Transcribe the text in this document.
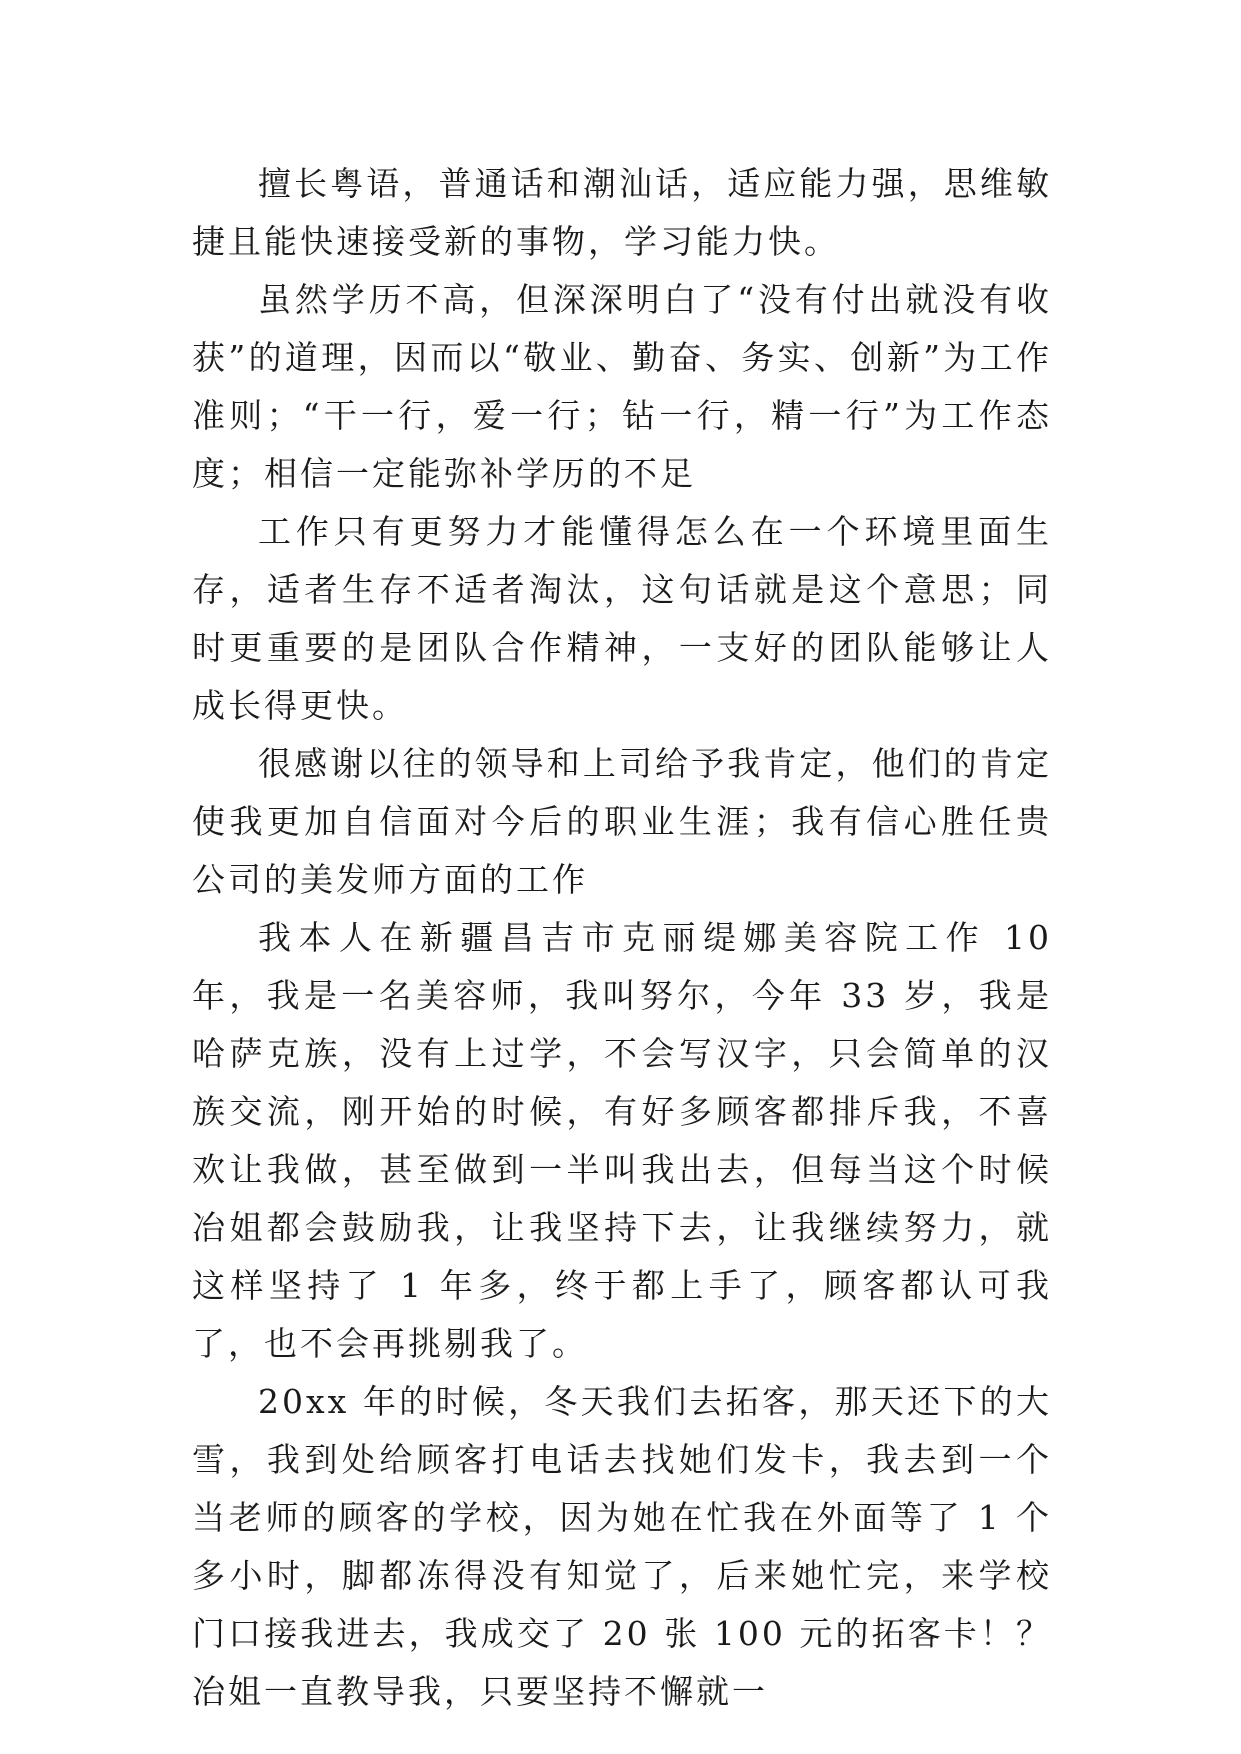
擅长粤语，普通话和潮汕话，适应能力强，思维敏捷且能快速接受新的事物，学习能力快。

虽然学历不高，但深深明白了“没有付出就没有收获”的道理，因而以“敬业、勤奋、务实、创新”为工作准则；“干一行，爱一行；钻一行，精一行”为工作态度；相信一定能弥补学历的不足

工作只有更努力才能懂得怎么在一个环境里面生存，适者生存不适者淘汰，这句话就是这个意思；同时更重要的是团队合作精神，一支好的团队能够让人成长得更快。

很感谢以往的领导和上司给予我肯定，他们的肯定使我更加自信面对今后的职业生涯；我有信心胜任贵公司的美发师方面的工作

我本人在新疆昌吉市克丽缇娜美容院工作 10 年，我是一名美容师，我叫努尔，今年 33 岁，我是哈萨克族，没有上过学，不会写汉字，只会简单的汉族交流，刚开始的时候，有好多顾客都排斥我，不喜欢让我做，甚至做到一半叫我出去，但每当这个时候冶姐都会鼓励我，让我坚持下去，让我继续努力，就这样坚持了 1 年多，终于都上手了，顾客都认可我了，也不会再挑剔我了。

20xx 年的时候，冬天我们去拓客，那天还下的大雪，我到处给顾客打电话去找她们发卡，我去到一个当老师的顾客的学校，因为她在忙我在外面等了 1 个多小时，脚都冻得没有知觉了，后来她忙完，来学校门口接我进去，我成交了 20 张 100 元的拓客卡！？冶姐一直教导我，只要坚持不懈就一
